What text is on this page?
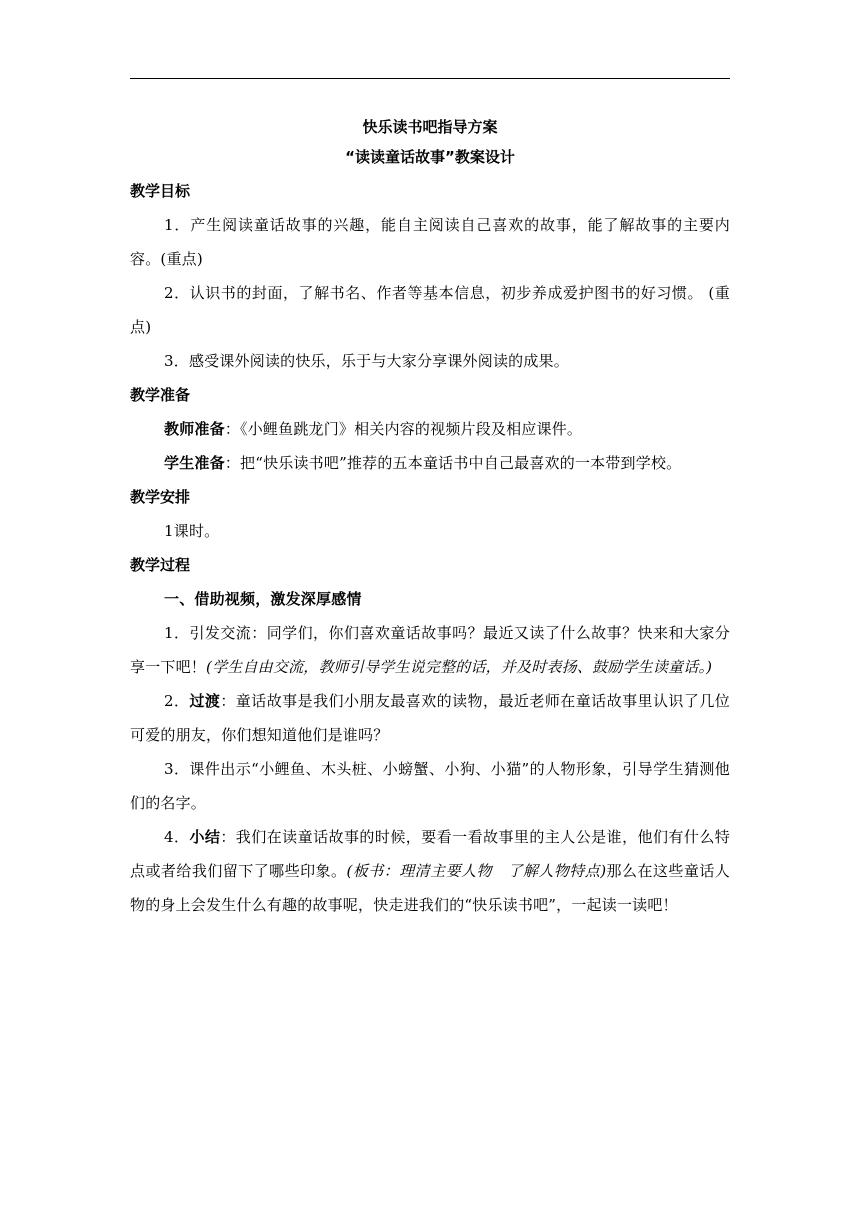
快乐读书吧指导方案
“读读童话故事”教案设计
教学目标
1．产生阅读童话故事的兴趣，能自主阅读自己喜欢的故事，能了解故事的主要内容。(重点)
2．认识书的封面，了解书名、作者等基本信息，初步养成爱护图书的好习惯。 (重点)
3．感受课外阅读的快乐，乐于与大家分享课外阅读的成果。
教学准备
教师准备：《小鲤鱼跳龙门》相关内容的视频片段及相应课件。
学生准备：把“快乐读书吧”推荐的五本童话书中自己最喜欢的一本带到学校。
教学安排
1课时。
教学过程
一、借助视频，激发深厚感情
1．引发交流：同学们，你们喜欢童话故事吗？最近又读了什么故事？快来和大家分享一下吧！(学生自由交流，教师引导学生说完整的话，并及时表扬、鼓励学生读童话。)
2．过渡：童话故事是我们小朋友最喜欢的读物，最近老师在童话故事里认识了几位可爱的朋友，你们想知道他们是谁吗？
3．课件出示“小鲤鱼、木头桩、小螃蟹、小狗、小猫”的人物形象，引导学生猜测他们的名字。
4．小结：我们在读童话故事的时候，要看一看故事里的主人公是谁，他们有什么特点或者给我们留下了哪些印象。(板书：理清主要人物　了解人物特点)那么在这些童话人物的身上会发生什么有趣的故事呢，快走进我们的“快乐读书吧”，一起读一读吧！
